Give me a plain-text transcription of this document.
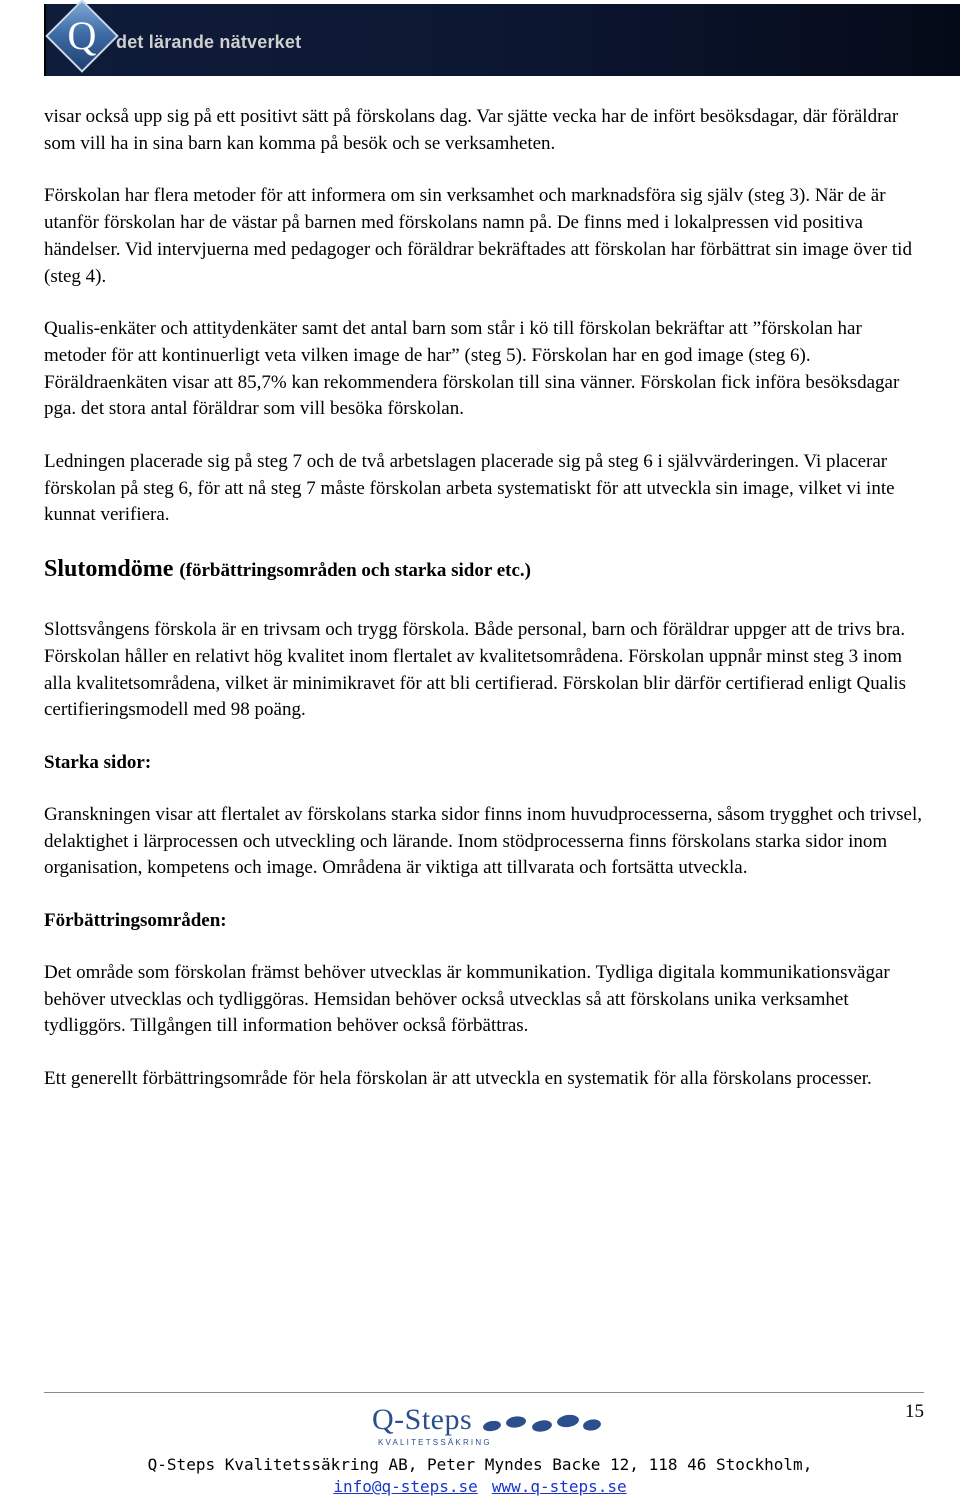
Q	det lärande nätverket

visar också upp sig på ett positivt sätt på förskolans dag. Var sjätte vecka har de infört besöksdagar, där föräldrar som vill ha in sina barn kan komma på besök och se verksamheten.

Förskolan har flera metoder för att informera om sin verksamhet och marknadsföra sig själv (steg 3). När de är utanför förskolan har de västar på barnen med förskolans namn på. De finns med i lokalpressen vid positiva händelser. Vid intervjuerna med pedagoger och föräldrar bekräftades att förskolan har förbättrat sin image över tid (steg 4).

Qualis-enkäter och attitydenkäter samt det antal barn som står i kö till förskolan bekräftar att ”förskolan har metoder för att kontinuerligt veta vilken image de har” (steg 5). Förskolan har en god image (steg 6). Föräldraenkäten visar att 85,7% kan rekommendera förskolan till sina vänner. Förskolan fick införa besöksdagar pga. det stora antal föräldrar som vill besöka förskolan.

Ledningen placerade sig på steg 7 och de två arbetslagen placerade sig på steg 6 i självvärderingen. Vi placerar förskolan på steg 6, för att nå steg 7 måste förskolan arbeta systematiskt för att utveckla sin image, vilket vi inte kunnat verifiera.

Slutomdöme (förbättringsområden och starka sidor etc.)

Slottsvångens förskola är en trivsam och trygg förskola. Både personal, barn och föräldrar uppger att de trivs bra. Förskolan håller en relativt hög kvalitet inom flertalet av kvalitetsområdena. Förskolan uppnår minst steg 3 inom alla kvalitetsområdena, vilket är minimikravet för att bli certifierad. Förskolan blir därför certifierad enligt Qualis certifieringsmodell med 98 poäng.

Starka sidor:

Granskningen visar att flertalet av förskolans starka sidor finns inom huvudprocesserna, såsom trygghet och trivsel, delaktighet i lärprocessen och utveckling och lärande. Inom stödprocesserna finns förskolans starka sidor inom organisation, kompetens och image. Områdena är viktiga att tillvarata och fortsätta utveckla.

Förbättringsområden:

Det område som förskolan främst behöver utvecklas är kommunikation. Tydliga digitala kommunikationsvägar behöver utvecklas och tydliggöras. Hemsidan behöver också utvecklas så att förskolans unika verksamhet tydliggörs. Tillgången till information behöver också förbättras.

Ett generellt förbättringsområde för hela förskolan är att utveckla en systematik för alla förskolans processer.

15
Q-Steps
KVALITETSSÄKRING
Q-Steps Kvalitetssäkring AB, Peter Myndes Backe 12, 118 46 Stockholm,
info@q-steps.se www.q-steps.se
